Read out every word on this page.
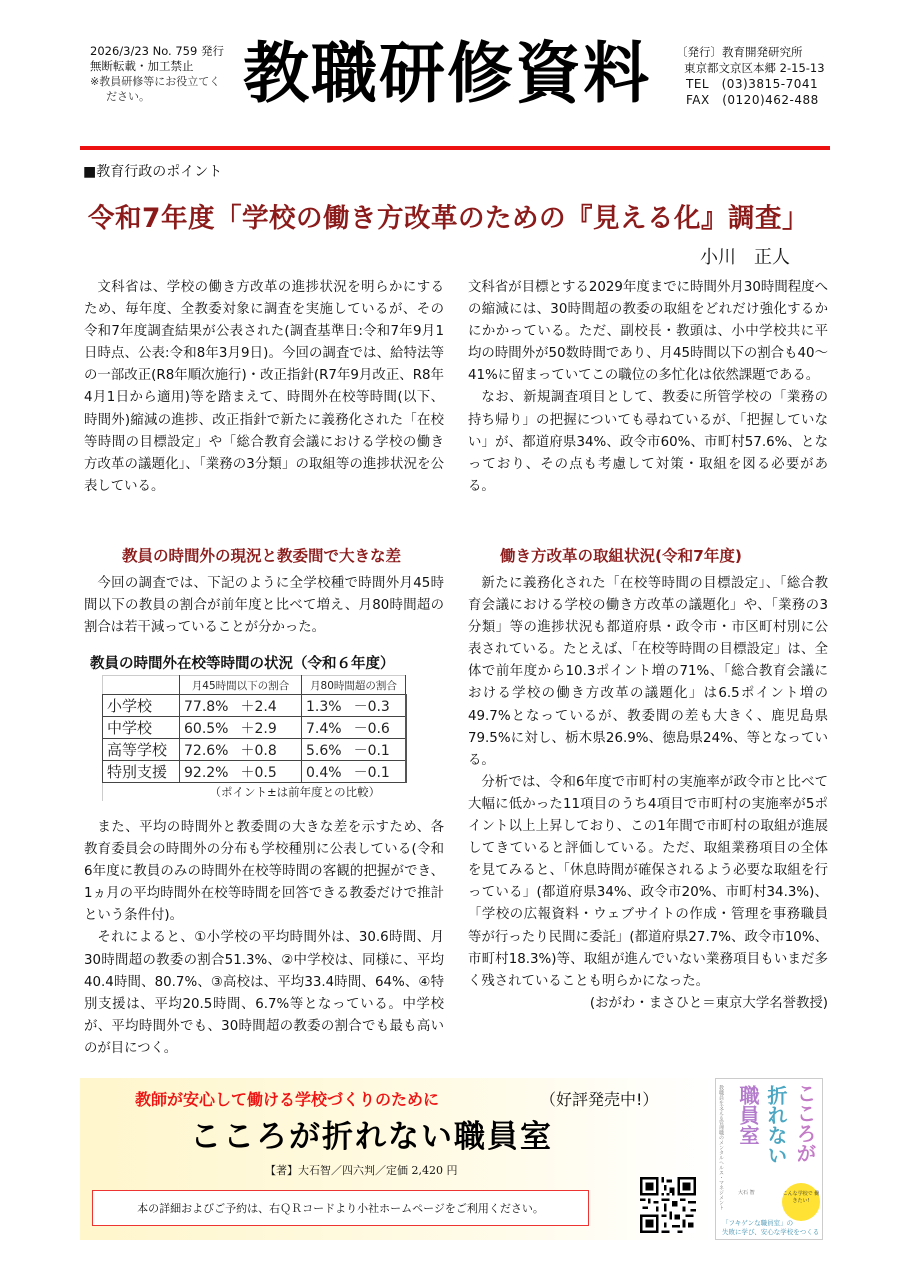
2026/3/23 No. 759 発行
無断転載・加工禁止
※教員研修等にお役立てく
ださい。	教職研修資料 〔発行〕教育開発研究所
東京都文京区本郷 2-15-13
TEL　(03)3815-7041
FAX　(0120)462-488
■教育行政のポイント
令和7年度「学校の働き方改革のための『見える化』調査」
小川　正人

文科省は、学校の働き方改革の進捗状況を明らかにするため、毎年度、全教委対象に調査を実施しているが、その令和7年度調査結果が公表された(調査基準日:令和7年9月1日時点、公表:令和8年3月9日)。今回の調査では、給特法等の一部改正(R8年順次施行)・改正指針(R7年9月改正、R8年4月1日から適用)等を踏まえて、時間外在校等時間(以下、時間外)縮減の進捗、改正指針で新たに義務化された「在校等時間の目標設定」や「総合教育会議における学校の働き方改革の議題化」、「業務の3分類」の取組等の進捗状況を公表している。

文科省が目標とする2029年度までに時間外月30時間程度への縮減には、30時間超の教委の取組をどれだけ強化するかにかかっている。ただ、副校長・教頭は、小中学校共に平均の時間外が50数時間であり、月45時間以下の割合も40～41%に留まっていてこの職位の多忙化は依然課題である。

なお、新規調査項目として、教委に所管学校の「業務の持ち帰り」の把握についても尋ねているが、「把握していない」が、都道府県34%、政令市60%、市町村57.6%、となっており、その点も考慮して対策・取組を図る必要がある。

教員の時間外の現況と教委間で大きな差	働き方改革の取組状況(令和7年度)

今回の調査では、下記のように全学校種で時間外月45時間以下の教員の割合が前年度と比べて増え、月80時間超の割合は若干減っていることが分かった。

教員の時間外在校等時間の状況（令和６年度）
	月45時間以下の割合	月80時間超の割合
小学校	77.8% ＋2.4	1.3% －0.3
中学校	60.5% ＋2.9	7.4% －0.6
高等学校	72.6% ＋0.8	5.6% －0.1
特別支援	92.2% ＋0.5	0.4% －0.1
	（ポイント±は前年度との比較）	

また、平均の時間外と教委間の大きな差を示すため、各教育委員会の時間外の分布も学校種別に公表している(令和6年度に教員のみの時間外在校等時間の客観的把握ができ、1ヵ月の平均時間外在校等時間を回答できる教委だけで推計という条件付)。

それによると、①小学校の平均時間外は、30.6時間、月30時間超の教委の割合51.3%、②中学校は、同様に、平均40.4時間、80.7%、③高校は、平均33.4時間、64%、④特別支援は、平均20.5時間、6.7%等となっている。中学校が、平均時間外でも、30時間超の教委の割合でも最も高いのが目につく。

新たに義務化された「在校等時間の目標設定」、「総合教育会議における学校の働き方改革の議題化」や、「業務の3分類」等の進捗状況も都道府県・政令市・市区町村別に公表されている。たとえば、「在校等時間の目標設定」は、全体で前年度から10.3ポイント増の71%、「総合教育会議における学校の働き方改革の議題化」は6.5ポイント増の49.7%となっているが、教委間の差も大きく、鹿児島県79.5%に対し、栃木県26.9%、徳島県24%、等となっている。

分析では、令和6年度で市町村の実施率が政令市と比べて大幅に低かった11項目のうち4項目で市町村の実施率が5ポイント以上上昇しており、この1年間で市町村の取組が進展してきていると評価している。ただ、取組業務項目の全体を見てみると、「休息時間が確保されるよう必要な取組を行っている」(都道府県34%、政令市20%、市町村34.3%)、「学校の広報資料・ウェブサイトの作成・管理を事務職員等が行ったり民間に委託」(都道府県27.7%、政令市10%、市町村18.3%)等、取組が進んでいない業務項目もいまだ多く残されていることも明らかになった。

(おがわ・まさひと＝東京大学名誉教授)

教師が安心して働ける学校づくりのために	（好評発売中!）
こころが折れない職員室
【著】大石智／四六判／定価 2,420 円
本の詳細およびご予約は、右ＱＲコードより小社ホームページをご利用ください。	教職員を支える管理職のメンタルヘルス・マネジメント	こころが
折れない
職員室
大石 智	こんな学校で 働きたい!
「フキゲンな職員室」の
失敗に学び、安心な学校をつくる
